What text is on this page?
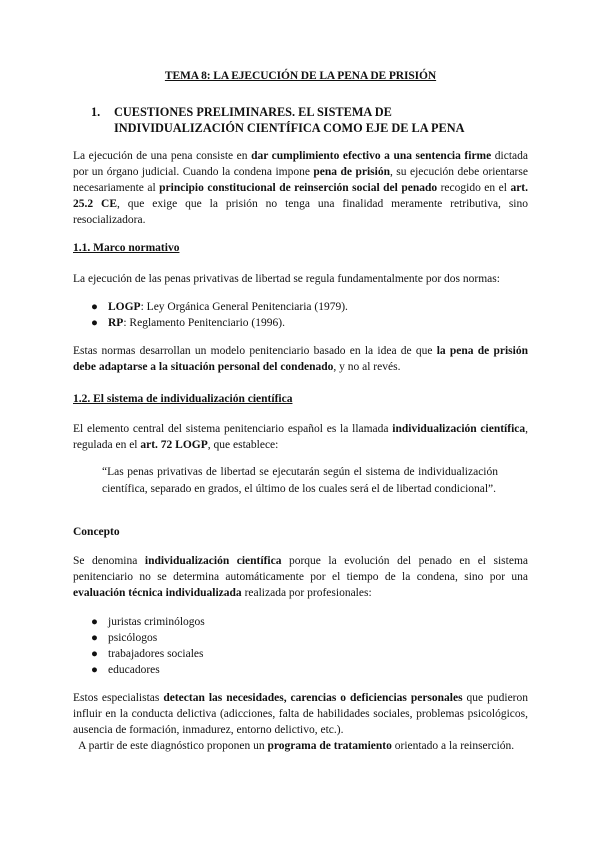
TEMA 8: LA EJECUCIÓN DE LA PENA DE PRISIÓN
1.	CUESTIONES PRELIMINARES. EL SISTEMA DE INDIVIDUALIZACIÓN CIENTÍFICA COMO EJE DE LA PENA
La ejecución de una pena consiste en dar cumplimiento efectivo a una sentencia firme dictada por un órgano judicial. Cuando la condena impone pena de prisión, su ejecución debe orientarse necesariamente al principio constitucional de reinserción social del penado recogido en el art. 25.2 CE, que exige que la prisión no tenga una finalidad meramente retributiva, sino resocializadora.
1.1. Marco normativo
La ejecución de las penas privativas de libertad se regula fundamentalmente por dos normas:
● LOGP: Ley Orgánica General Penitenciaria (1979).
● RP: Reglamento Penitenciario (1996).
Estas normas desarrollan un modelo penitenciario basado en la idea de que la pena de prisión debe adaptarse a la situación personal del condenado, y no al revés.
1.2. El sistema de individualización científica
El elemento central del sistema penitenciario español es la llamada individualización científica, regulada en el art. 72 LOGP, que establece:
“Las penas privativas de libertad se ejecutarán según el sistema de individualización científica, separado en grados, el último de los cuales será el de libertad condicional”.
Concepto
Se denomina individualización científica porque la evolución del penado en el sistema penitenciario no se determina automáticamente por el tiempo de la condena, sino por una evaluación técnica individualizada realizada por profesionales:
● juristas criminólogos
● psicólogos
● trabajadores sociales
● educadores
Estos especialistas detectan las necesidades, carencias o deficiencias personales que pudieron influir en la conducta delictiva (adicciones, falta de habilidades sociales, problemas psicológicos, ausencia de formación, inmadurez, entorno delictivo, etc.).
A partir de este diagnóstico proponen un programa de tratamiento orientado a la reinserción.
